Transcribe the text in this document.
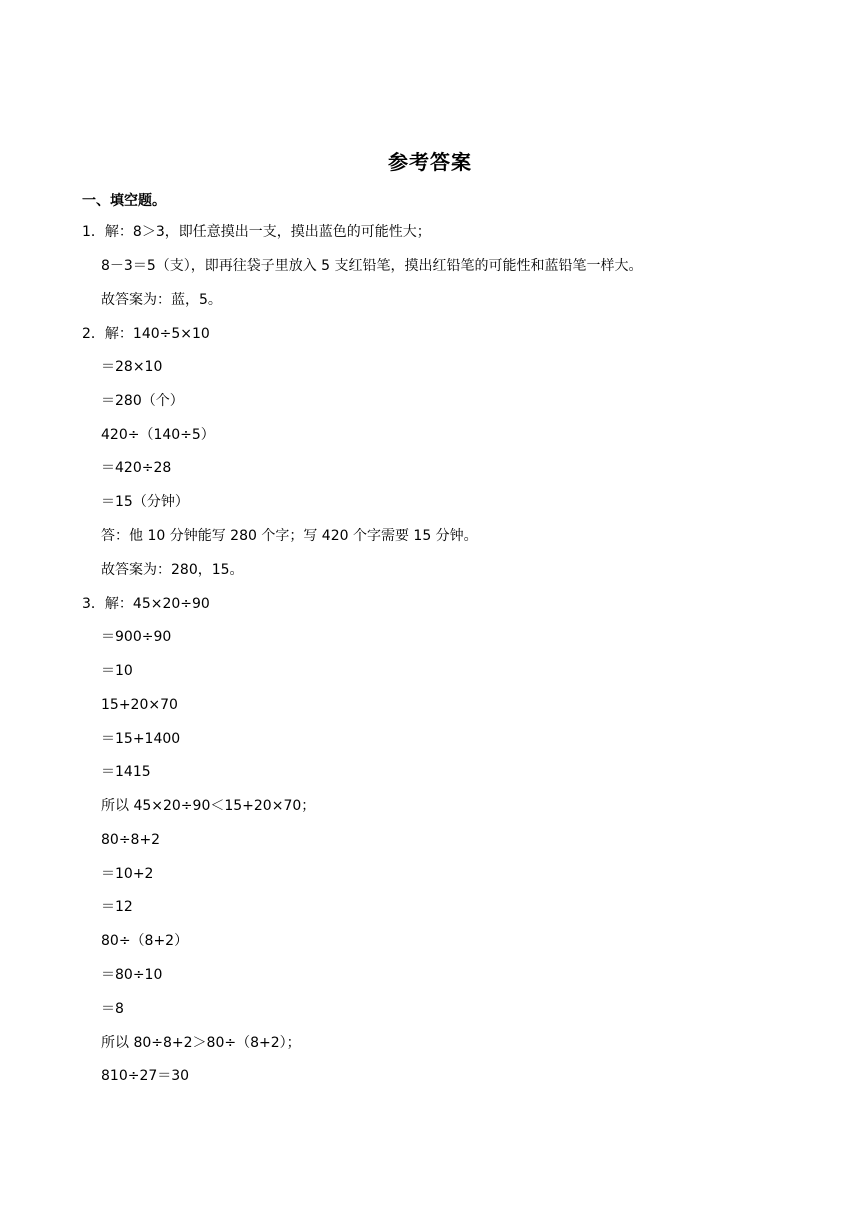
参考答案
一、填空题。
1．解：8＞3，即任意摸出一支，摸出蓝色的可能性大；
8－3＝5（支），即再往袋子里放入 5 支红铅笔，摸出红铅笔的可能性和蓝铅笔一样大。
故答案为：蓝，5。
2．解：140÷5×10
＝28×10
＝280（个）
420÷（140÷5）
＝420÷28
＝15（分钟）
答：他 10 分钟能写 280 个字；写 420 个字需要 15 分钟。
故答案为：280，15。
3．解：45×20÷90
＝900÷90
＝10
15+20×70
＝15+1400
＝1415
所以 45×20÷90＜15+20×70；
80÷8+2
＝10+2
＝12
80÷（8+2）
＝80÷10
＝8
所以 80÷8+2＞80÷（8+2）；
810÷27＝30
